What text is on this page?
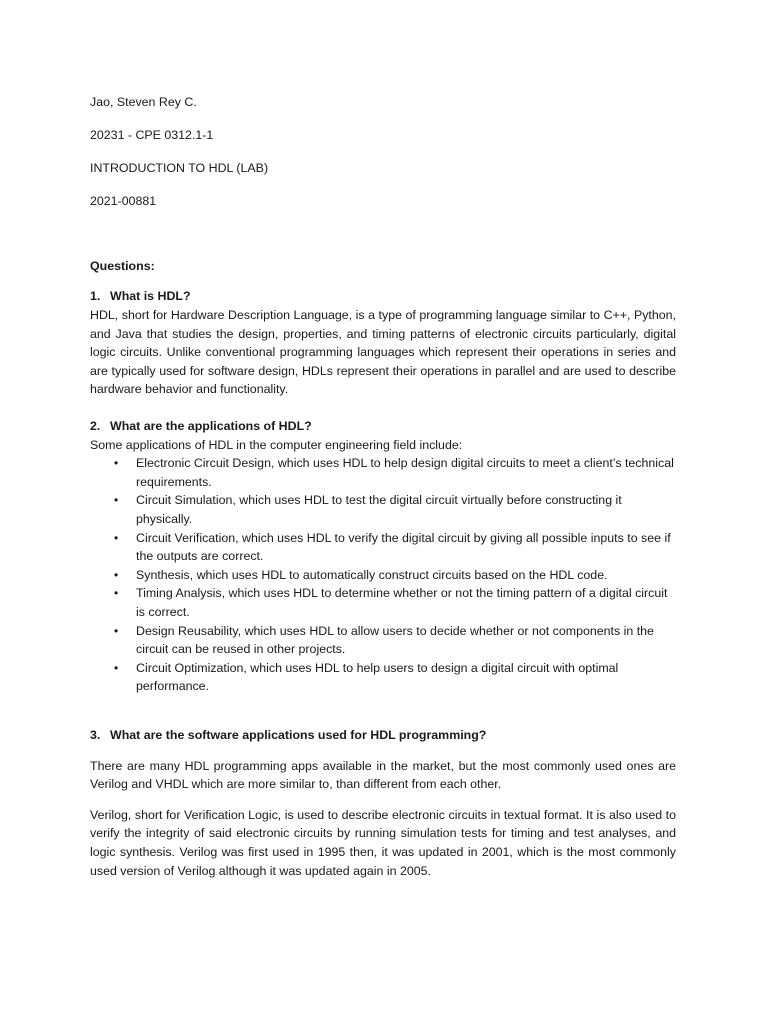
Jao, Steven Rey C.
20231 - CPE 0312.1-1
INTRODUCTION TO HDL (LAB)
2021-00881
Questions:
1. What is HDL?

HDL, short for Hardware Description Language, is a type of programming language similar to C++, Python, and Java that studies the design, properties, and timing patterns of electronic circuits particularly, digital logic circuits. Unlike conventional programming languages which represent their operations in series and are typically used for software design, HDLs represent their operations in parallel and are used to describe hardware behavior and functionality.

2. What are the applications of HDL?

Some applications of HDL in the computer engineering field include:

• Electronic Circuit Design, which uses HDL to help design digital circuits to meet a client’s technical requirements.
• Circuit Simulation, which uses HDL to test the digital circuit virtually before constructing it physically.
• Circuit Verification, which uses HDL to verify the digital circuit by giving all possible inputs to see if the outputs are correct.
• Synthesis, which uses HDL to automatically construct circuits based on the HDL code.
• Timing Analysis, which uses HDL to determine whether or not the timing pattern of a digital circuit is correct.
• Design Reusability, which uses HDL to allow users to decide whether or not components in the circuit can be reused in other projects.
• Circuit Optimization, which uses HDL to help users to design a digital circuit with optimal performance.
3. What are the software applications used for HDL programming?

There are many HDL programming apps available in the market, but the most commonly used ones are Verilog and VHDL which are more similar to, than different from each other.

Verilog, short for Verification Logic, is used to describe electronic circuits in textual format. It is also used to verify the integrity of said electronic circuits by running simulation tests for timing and test analyses, and logic synthesis. Verilog was first used in 1995 then, it was updated in 2001, which is the most commonly used version of Verilog although it was updated again in 2005.
